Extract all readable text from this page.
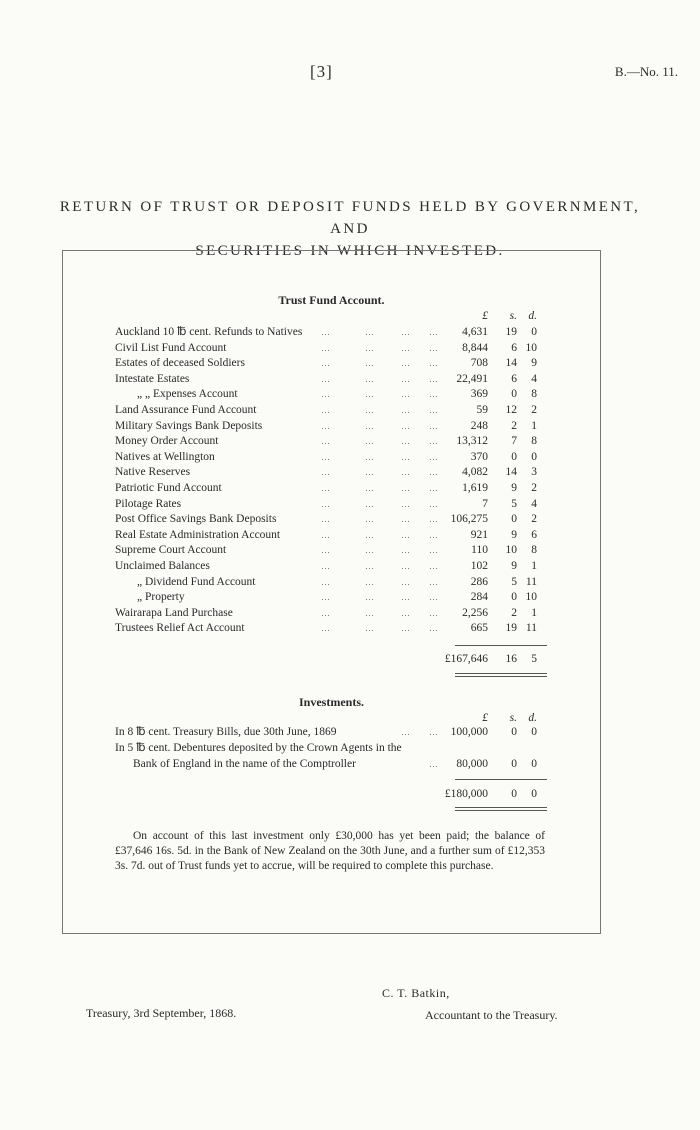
[3]	B.—No. 11.
RETURN OF TRUST OR DEPOSIT FUNDS HELD BY GOVERNMENT, AND
SECURITIES IN WHICH INVESTED.
Trust Fund Account.
£	s. d.
Auckland 10 ℔ cent. Refunds to Natives …	…	… …	4,631	19	0
Civil List Fund Account	…	…	… …	8,844	6 10
Estates of deceased Soldiers	…	…	… …	708	14	9
Intestate Estates	…	…	… …	22,491	6	4
„ „ Expenses Account	…	…	… …	369	0	8
Land Assurance Fund Account	…	…	… …	59	12	2
Military Savings Bank Deposits	…	…	… …	248	2	1
Money Order Account	…	…	… …	13,312	7	8
Natives at Wellington	…	…	… …	370	0	0
Native Reserves	…	…	… …	4,082	14	3
Patriotic Fund Account	…	…	… …	1,619	9	2
Pilotage Rates	…	…	… …	7	5	4
Post Office Savings Bank Deposits	…	…	… …	106,275	0	2
Real Estate Administration Account	…	…	… …	921	9	6
Supreme Court Account	…	…	… …	110	10	8
Unclaimed Balances	…	…	… …	102	9	1
„ Dividend Fund Account	…	…	… …	286	5 11
„ Property	…	…	… …	284	0 10
Wairarapa Land Purchase	…	…	… …	2,256	2	1
Trustees Relief Act Account	…	…	… …	665	19 11
£167,646	16	5
Investments.
£	s. d.
In 8 ℔ cent. Treasury Bills, due 30th June, 1869	… …	100,000	0	0
In 5 ℔ cent. Debentures deposited by the Crown Agents in the
Bank of England in the name of the Comptroller	…	80,000	0	0
£180,000	0	0
On account of this last investment only £30,000 has yet been paid; the balance of £37,646 16s. 5d. in the Bank of New Zealand on the 30th June, and a further sum of £12,353 3s. 7d. out of Trust funds yet to accrue, will be required to complete this purchase.
C. T. Batkin,
Treasury, 3rd September, 1868.	Accountant to the Treasury.
